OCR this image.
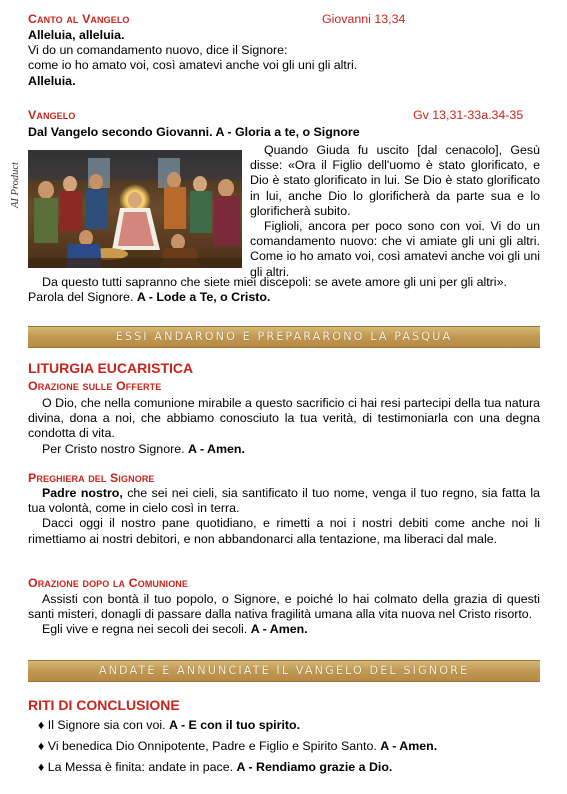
Canto al Vangelo	Giovanni 13,34

Alleluia, alleluia.

Vi do un comandamento nuovo, dice il Signore:

come io ho amato voi, così amatevi anche voi gli uni gli altri.

Alleluia.

Vangelo	Gv 13,31-33a.34-35
Dal Vangelo secondo Giovanni. A - Gloria a te, o Signore
AI Product

Quando Giuda fu uscito [dal cenacolo], Gesù disse: «Ora il Figlio dell'uomo è stato glorificato, e Dio è stato glorificato in lui. Se Dio è stato glorificato in lui, anche Dio lo glorificherà da parte sua e lo glorificherà subito.

Figlioli, ancora per poco sono con voi. Vi do un comandamento nuovo: che vi amiate gli uni gli altri. Come io ho amato voi, così amatevi anche voi gli uni gli altri.

Da questo tutti sapranno che siete miei discepoli: se avete amore gli uni per gli altri».

Parola del Signore. A - Lode a Te, o Cristo.

ESSI ANDARONO E PREPARARONO LA PASQUA
LITURGIA EUCARISTICA
Orazione sulle Offerte

O Dio, che nella comunione mirabile a questo sacrificio ci hai resi partecipi della tua natura divina, dona a noi, che abbiamo conosciuto la tua verità, di testimoniarla con una degna condotta di vita.

Per Cristo nostro Signore. A - Amen.

Preghiera del Signore

Padre nostro, che sei nei cieli, sia santificato il tuo nome, venga il tuo regno, sia fatta la tua volontà, come in cielo così in terra.

Dacci oggi il nostro pane quotidiano, e rimetti a noi i nostri debiti come anche noi li rimettiamo ai nostri debitori, e non abbandonarci alla tentazione, ma liberaci dal male.

Orazione dopo la Comunione

Assisti con bontà il tuo popolo, o Signore, e poiché lo hai colmato della grazia di questi santi misteri, donagli di passare dalla nativa fragilità umana alla vita nuova nel Cristo risorto.

Egli vive e regna nei secoli dei secoli. A - Amen.

ANDATE E ANNUNCIATE IL VANGELO DEL SIGNORE
RITI DI CONCLUSIONE
♦ Il Signore sia con voi. A - E con il tuo spirito.
♦ Vi benedica Dio Onnipotente, Padre e Figlio e Spirito Santo. A - Amen.
♦ La Messa è finita: andate in pace. A - Rendiamo grazie a Dio.
